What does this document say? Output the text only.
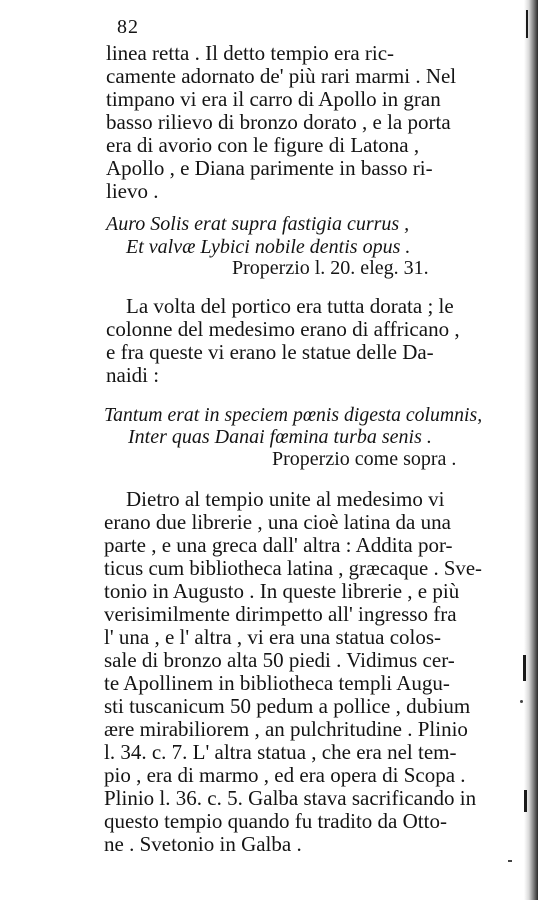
82
linea retta . Il detto tempio era ric-
camente adornato de' più rari marmi . Nel
timpano vi era il carro di Apollo in gran
basso rilievo di bronzo dorato , e la porta
era di avorio con le figure di Latona ,
Apollo , e Diana parimente in basso ri-
lievo .
Auro Solis erat supra fastigia currus ,
Et valvæ Lybici nobile dentis opus .
Properzio l. 20. eleg. 31.
La volta del portico era tutta dorata ; le
colonne del medesimo erano di affricano ,
e fra queste vi erano le statue delle Da-
naidi :
Tantum erat in speciem pœnis digesta columnis,
Inter quas Danai fœmina turba senis .
Properzio come sopra .
Dietro al tempio unite al medesimo vi
erano due librerie , una cioè latina da una
parte , e una greca dall' altra : Addita por-
ticus cum bibliotheca latina , græcaque . Sve-
tonio in Augusto . In queste librerie , e più
verisimilmente dirimpetto all' ingresso fra
l' una , e l' altra , vi era una statua colos-
sale di bronzo alta 50 piedi . Vidimus cer-
te Apollinem in bibliotheca templi Augu-
sti tuscanicum 50 pedum a pollice , dubium
ære mirabiliorem , an pulchritudine . Plinio
l. 34. c. 7. L' altra statua , che era nel tem-
pio , era di marmo , ed era opera di Scopa .
Plinio l. 36. c. 5. Galba stava sacrificando in
questo tempio quando fu tradito da Otto-
ne . Svetonio in Galba .
